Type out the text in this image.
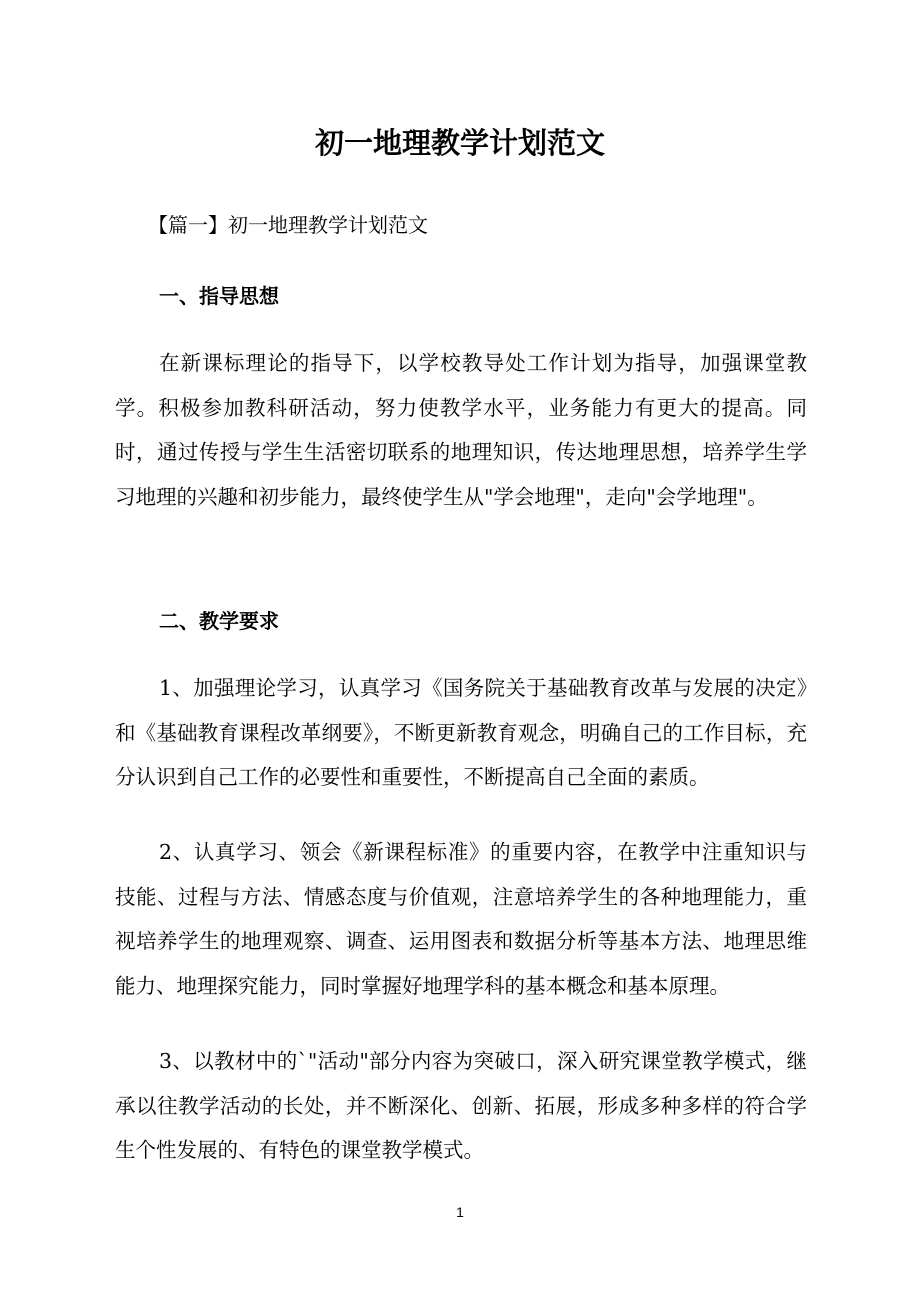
初一地理教学计划范文

【篇一】初一地理教学计划范文

一、指导思想

在新课标理论的指导下，以学校教导处工作计划为指导，加强课堂教学。积极参加教科研活动，努力使教学水平，业务能力有更大的提高。同时，通过传授与学生生活密切联系的地理知识，传达地理思想，培养学生学习地理的兴趣和初步能力，最终使学生从"学会地理"，走向"会学地理"。

二、教学要求

1、加强理论学习，认真学习《国务院关于基础教育改革与发展的决定》和《基础教育课程改革纲要》，不断更新教育观念，明确自己的工作目标，充分认识到自己工作的必要性和重要性，不断提高自己全面的素质。

2、认真学习、领会《新课程标准》的重要内容，在教学中注重知识与技能、过程与方法、情感态度与价值观，注意培养学生的各种地理能力，重视培养学生的地理观察、调查、运用图表和数据分析等基本方法、地理思维能力、地理探究能力，同时掌握好地理学科的基本概念和基本原理。

3、以教材中的`"活动"部分内容为突破口，深入研究课堂教学模式，继承以往教学活动的长处，并不断深化、创新、拓展，形成多种多样的符合学生个性发展的、有特色的课堂教学模式。

1
